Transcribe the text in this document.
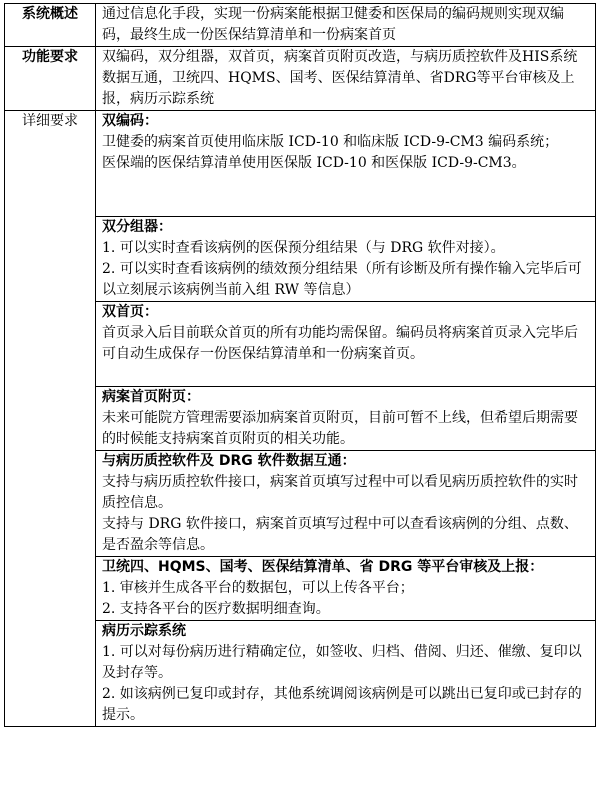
系统概述	通过信息化手段，实现一份病案能根据卫健委和医保局的编码规则实现双编码，最终生成一份医保结算清单和一份病案首页
功能要求	双编码，双分组器，双首页，病案首页附页改造，与病历质控软件及HIS系统数据互通，卫统四、HQMS、国考、医保结算清单、省DRG等平台审核及上报，病历示踪系统
详细要求	双编码：
卫健委的病案首页使用临床版 ICD-10 和临床版 ICD-9-CM3 编码系统；
医保端的医保结算清单使用医保版 ICD-10 和医保版 ICD-9-CM3。

	双分组器：
1. 可以实时查看该病例的医保预分组结果（与 DRG 软件对接）。
2. 可以实时查看该病例的绩效预分组结果（所有诊断及所有操作输入完毕后可以立刻展示该病例当前入组 RW 等信息）

	双首页：
首页录入后目前联众首页的所有功能均需保留。编码员将病案首页录入完毕后可自动生成保存一份医保结算清单和一份病案首页。

	病案首页附页：
未来可能院方管理需要添加病案首页附页，目前可暂不上线，但希望后期需要的时候能支持病案首页附页的相关功能。

	与病历质控软件及 DRG 软件数据互通：
支持与病历质控软件接口，病案首页填写过程中可以看见病历质控软件的实时质控信息。
支持与 DRG 软件接口，病案首页填写过程中可以查看该病例的分组、点数、是否盈余等信息。

	卫统四、HQMS、国考、医保结算清单、省 DRG 等平台审核及上报：
1. 审核并生成各平台的数据包，可以上传各平台；
2. 支持各平台的医疗数据明细查询。

	病历示踪系统
1. 可以对每份病历进行精确定位，如签收、归档、借阅、归还、催缴、复印以及封存等。
2. 如该病例已复印或封存，其他系统调阅该病例是可以跳出已复印或已封存的提示。
